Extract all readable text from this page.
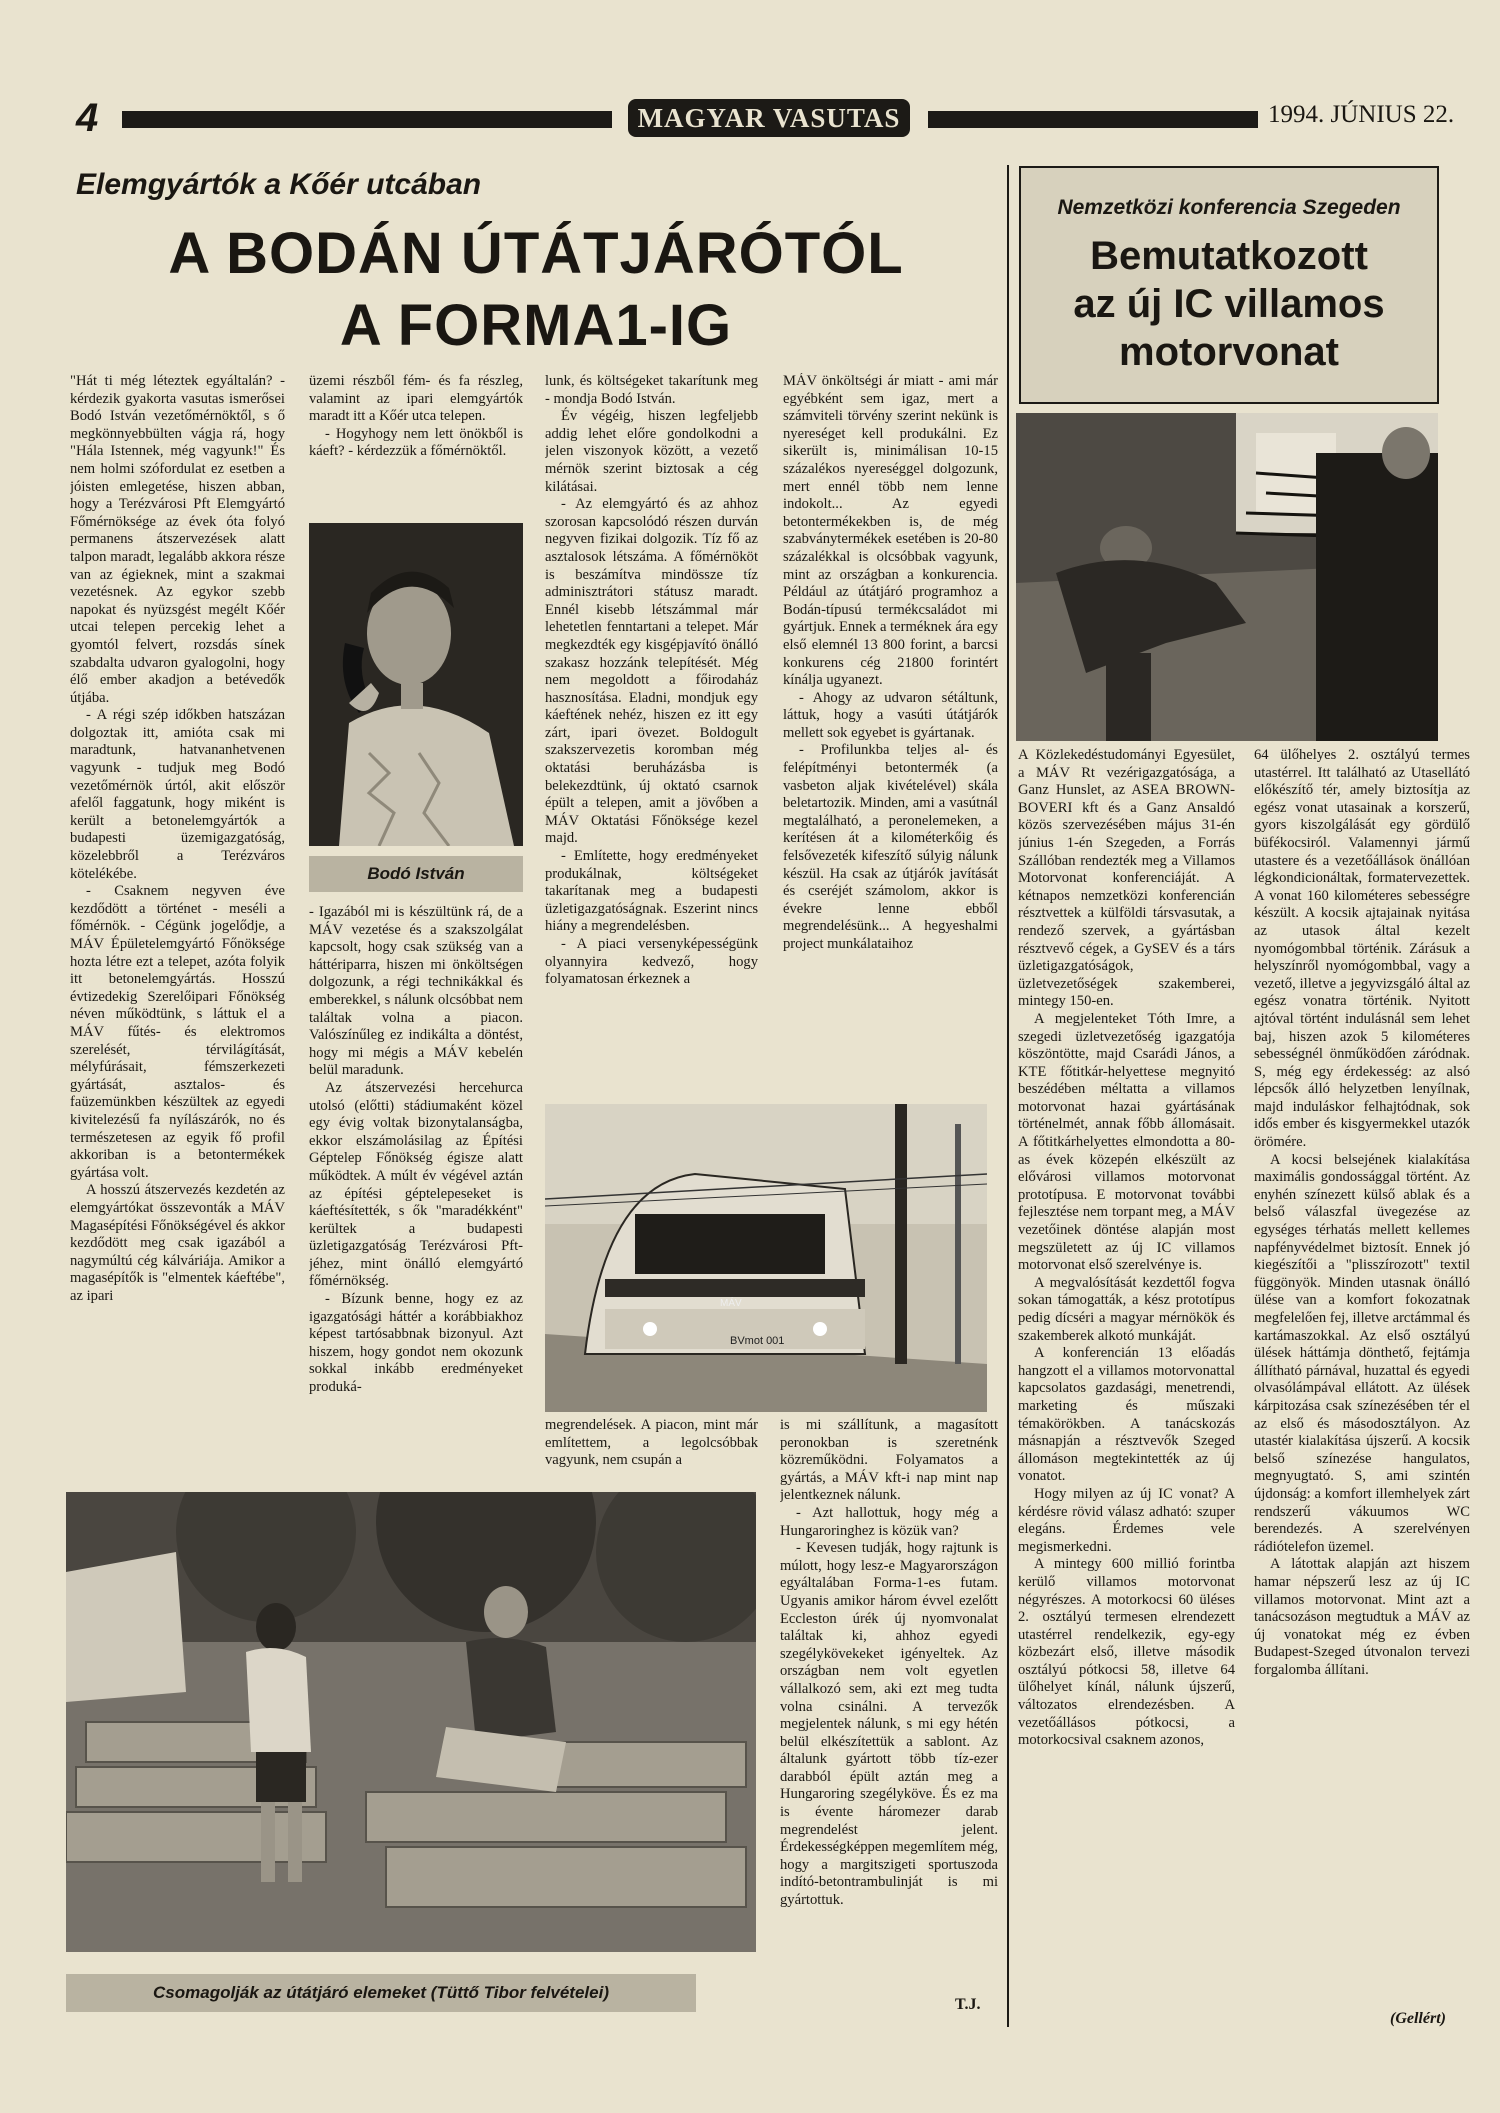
4	MAGYAR VASUTAS	1994. JÚNIUS 22.
Elemgyártók a Kőér utcában
A BODÁN ÚTÁTJÁRÓTÓL
A FORMA1-IG

"Hát ti még léteztek egyáltalán? - kérdezik gyakorta vasutas ismerősei Bodó István vezetőmérnöktől, s ő megkönnyebbülten vágja rá, hogy "Hála Istennek, még vagyunk!" És nem holmi szófordulat ez esetben a jóisten emlegetése, hiszen abban, hogy a Terézvárosi Pft Elemgyártó Főmérnöksége az évek óta folyó permanens átszervezések alatt talpon maradt, legalább akkora része van az égieknek, mint a szakmai vezetésnek. Az egykor szebb napokat és nyüzsgést megélt Kőér utcai telepen percekig lehet a gyomtól felvert, rozsdás sínek szabdalta udvaron gyalogolni, hogy élő ember akadjon a betévedők útjába.

- A régi szép időkben hatszázan dolgoztak itt, amióta csak mi maradtunk, hatvananhetvenen vagyunk - tudjuk meg Bodó vezetőmérnök úrtól, akit először afelől faggatunk, hogy miként is került a betonelemgyártók a budapesti üzemigazgatóság, közelebbről a Terézváros kötelékébe.

- Csaknem negyven éve kezdődött a történet - meséli a főmérnök. - Cégünk jogelődje, a MÁV Épületelemgyártó Főnöksége hozta létre ezt a telepet, azóta folyik itt betonelemgyártás. Hosszú évtizedekig Szerelőipari Főnökség néven működtünk, s láttuk el a MÁV fűtés- és elektromos szerelését, térvilágítását, mélyfúrásait, fémszerkezeti gyártását, asztalos- és faüzemünkben készültek az egyedi kivitelezésű fa nyílászárók, no és természetesen az egyik fő profil akkoriban is a betontermékek gyártása volt.

A hosszú átszervezés kezdetén az elemgyártókat összevonták a MÁV Magasépítési Főnökségével és akkor kezdődött meg csak igazából a nagymúltú cég kálváriája. Amikor a magasépítők is "elmentek káeftébe", az ipari

üzemi részből fém- és fa részleg, valamint az ipari elemgyártók maradt itt a Kőér utca telepen.

- Hogyhogy nem lett önökből is káeft? - kérdezzük a főmérnöktől.

Bodó István

- Igazából mi is készültünk rá, de a MÁV vezetése és a szakszolgálat kapcsolt, hogy csak szükség van a háttériparra, hiszen mi önköltségen dolgozunk, a régi technikákkal és emberekkel, s nálunk olcsóbbat nem találtak volna a piacon. Valószínűleg ez indikálta a döntést, hogy mi mégis a MÁV kebelén belül maradunk.

Az átszervezési hercehurca utolsó (előtti) stádiumaként közel egy évig voltak bizonytalanságba, ekkor elszámolásilag az Építési Géptelep Főnökség égisze alatt működtek. A múlt év végével aztán az építési géptelepeseket is káeftésítették, s ők "maradékként" kerültek a budapesti üzletigazgatóság Terézvárosi Pft-jéhez, mint önálló elemgyártó főmérnökség.

- Bízunk benne, hogy ez az igazgatósági háttér a korábbiakhoz képest tartósabbnak bizonyul. Azt hiszem, hogy gondot nem okozunk sokkal inkább eredményeket produká-

lunk, és költségeket takarítunk meg - mondja Bodó István.

Év végéig, hiszen legfeljebb addig lehet előre gondolkodni a jelen viszonyok között, a vezető mérnök szerint biztosak a cég kilátásai.

- Az elemgyártó és az ahhoz szorosan kapcsolódó részen durván negyven fizikai dolgozik. Tíz fő az asztalosok létszáma. A főmérnököt is beszámítva mindössze tíz adminisztrátori státusz maradt. Ennél kisebb létszámmal már lehetetlen fenntartani a telepet. Már megkezdték egy kisgépjavító önálló szakasz hozzánk telepítését. Még nem megoldott a főirodaház hasznosítása. Eladni, mondjuk egy káeftének nehéz, hiszen ez itt egy zárt, ipari övezet. Boldogult szakszervezetis koromban még oktatási beruházásba is belekezdtünk, új oktató csarnok épült a telepen, amit a jövőben a MÁV Oktatási Főnöksége kezel majd.

- Említette, hogy eredményeket produkálnak, költségeket takarítanak meg a budapesti üzletigazgatóságnak. Eszerint nincs hiány a megrendelésben.

- A piaci versenyképességünk olyannyira kedvező, hogy folyamatosan érkeznek a

MÁV önköltségi ár miatt - ami már egyébként sem igaz, mert a számviteli törvény szerint nekünk is nyereséget kell produkálni. Ez sikerült is, minimálisan 10-15 százalékos nyereséggel dolgozunk, mert ennél több nem lenne indokolt... Az egyedi betontermékekben is, de még szabványtermékek esetében is 20-80 százalékkal is olcsóbbak vagyunk, mint az országban a konkurencia. Például az útátjáró programhoz a Bodán-típusú termékcsaládot mi gyártjuk. Ennek a terméknek ára egy első elemnél 13 800 forint, a barcsi konkurens cég 21800 forintért kínálja ugyanezt.

- Ahogy az udvaron sétáltunk, láttuk, hogy a vasúti útátjárók mellett sok egyebet is gyártanak.

- Profilunkba teljes al- és felépítményi betontermék (a vasbeton aljak kivételével) skála beletartozik. Minden, ami a vasútnál megtalálható, a peronelemeken, a kerítésen át a kilométerkőig és felsővezeték kifeszítő súlyig nálunk készül. Ha csak az útjárók javítását és cseréjét számolom, akkor is évekre lenne ebből megrendelésünk... A hegyeshalmi project munkálataihoz

BVmot 001
MÁV

megrendelések. A piacon, mint már említettem, a legolcsóbbak vagyunk, nem csupán a

is mi szállítunk, a magasított peronokban is szeretnénk közreműködni. Folyamatos a gyártás, a MÁV kft-i nap mint nap jelentkeznek nálunk.

- Azt hallottuk, hogy még a Hungaroringhez is közük van?

- Kevesen tudják, hogy rajtunk is múlott, hogy lesz-e Magyarországon egyáltalában Forma-1-es futam. Ugyanis amikor három évvel ezelőtt Eccleston úrék új nyomvonalat találtak ki, ahhoz egyedi szegélykövekeket igényeltek. Az országban nem volt egyetlen vállalkozó sem, aki ezt meg tudta volna csinálni. A tervezők megjelentek nálunk, s mi egy hétén belül elkészítettük a sablont. Az általunk gyártott több tíz-ezer darabból épült aztán meg a Hungaroring szegélyköve. És ez ma is évente háromezer darab megrendelést jelent. Érdekességképpen megemlítem még, hogy a margitszigeti sportuszoda indító-betontrambulinját is mi gyártottuk.

T.J.
Csomagolják az útátjáró elemeket (Tüttő Tibor felvételei)
Nemzetközi konferencia Szegeden
Bemutatkozott
az új IC villamos
motorvonat

A Közlekedéstudományi Egyesület, a MÁV Rt vezérigazgatósága, a Ganz Hunslet, az ASEA BROWN- BOVERI kft és a Ganz Ansaldó közös szervezésében május 31-én június 1-én Szegeden, a Forrás Szállóban rendezték meg a Villamos Motorvonat konferenciáját. A kétnapos nemzetközi konferencián résztvettek a külföldi társvasutak, a rendező szervek, a gyártásban résztvevő cégek, a GySEV és a társ üzletigazgatóságok, üzletvezetőségek szakemberei, mintegy 150-en.

A megjelenteket Tóth Imre, a szegedi üzletvezetőség igazgatója köszöntötte, majd Csarádi János, a KTE főtitkár-helyettese megnyitó beszédében méltatta a villamos motorvonat hazai gyártásának történelmét, annak főbb állomásait. A főtitkárhelyettes elmondotta a 80-as évek közepén elkészült az elővárosi villamos motorvonat prototípusa. E motorvonat további fejlesztése nem torpant meg, a MÁV vezetőinek döntése alapján most megszületett az új IC villamos motorvonat első szerelvénye is.

A megvalósítását kezdettől fogva sokan támogatták, a kész prototípus pedig dícséri a magyar mérnökök és szakemberek alkotó munkáját.

A konferencián 13 előadás hangzott el a villamos motorvonattal kapcsolatos gazdasági, menetrendi, marketing és műszaki témakörökben. A tanácskozás másnapján a résztvevők Szeged állomáson megtekintették az új vonatot.

Hogy milyen az új IC vonat? A kérdésre rövid válasz adható: szuper elegáns. Érdemes vele megismerkedni.

A mintegy 600 millió forintba kerülő villamos motorvonat négyrészes. A motorkocsi 60 üléses 2. osztályú termesen elrendezett utastérrel rendelkezik, egy-egy közbezárt első, illetve második osztályú pótkocsi 58, illetve 64 ülőhelyet kínál, nálunk újszerű, változatos elrendezésben. A vezetőállásos pótkocsi, a motorkocsival csaknem azonos,

64 ülőhelyes 2. osztályú termes utastérrel. Itt található az Utasellátó előkészítő tér, amely biztosítja az egész vonat utasainak a korszerű, gyors kiszolgálását egy gördülő büfékocsiról. Valamennyi jármű utastere és a vezetőállások önállóan légkondicionáltak, formatervezettek. A vonat 160 kilométeres sebességre készült. A kocsik ajtajainak nyitása az utasok által kezelt nyomógombbal történik. Zárásuk a helyszínről nyomógombbal, vagy a vezető, illetve a jegyvizsgáló által az egész vonatra történik. Nyitott ajtóval történt indulásnál sem lehet baj, hiszen azok 5 kilométeres sebességnél önműködően záródnak. S, még egy érdekesség: az alsó lépcsők álló helyzetben lenyílnak, majd induláskor felhajtódnak, sok idős ember és kisgyermekkel utazók örömére.

A kocsi belsejének kialakítása maximális gondossággal történt. Az enyhén színezett külső ablak és a belső válaszfal üvegezése az egységes térhatás mellett kellemes napfényvédelmet biztosít. Ennek jó kiegészítői a "plisszírozott" textil függönyök. Minden utasnak önálló ülése van a komfort fokozatnak megfelelően fej, illetve arctámmal és kartámaszokkal. Az első osztályú ülések háttámja dönthető, fejtámja állítható párnával, huzattal és egyedi olvasólámpával ellátott. Az ülések kárpitozása csak színezésében tér el az első és másodosztályon. Az utastér kialakítása újszerű. A kocsik belső színezése hangulatos, megnyugtató. S, ami szintén újdonság: a komfort illemhelyek zárt rendszerű vákuumos WC berendezés. A szerelvényen rádiótelefon üzemel.

A látottak alapján azt hiszem hamar népszerű lesz az új IC villamos motorvonat. Mint azt a tanácsozáson megtudtuk a MÁV az új vonatokat még ez évben Budapest-Szeged útvonalon tervezi forgalomba állítani.

(Gellért)
